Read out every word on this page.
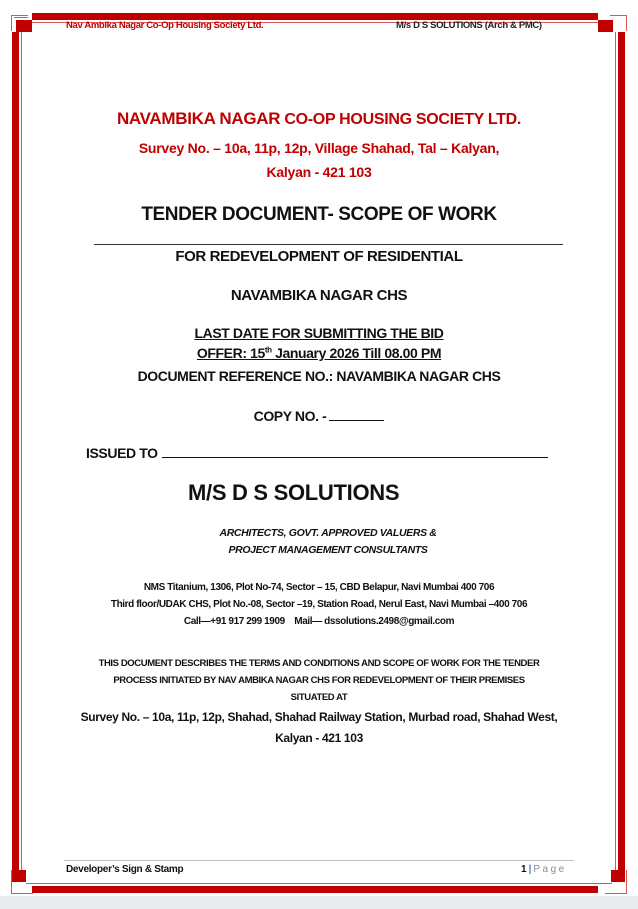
Nav Ambika Nagar Co-Op Housing Society Ltd.	M/s D S SOLUTIONS (Arch & PMC)
NAVAMBIKA NAGAR CO-OP HOUSING SOCIETY LTD.
Survey No. – 10a, 11p, 12p, Village Shahad, Tal – Kalyan,
Kalyan - 421 103
TENDER DOCUMENT- SCOPE OF WORK
FOR REDEVELOPMENT OF RESIDENTIAL
NAVAMBIKA NAGAR CHS
LAST DATE FOR SUBMITTING THE BID
OFFER: 15th January 2026 Till 08.00 PM
DOCUMENT REFERENCE NO.: NAVAMBIKA NAGAR CHS
COPY NO. -
ISSUED TO
M/S D S SOLUTIONS
ARCHITECTS, GOVT. APPROVED VALUERS &
PROJECT MANAGEMENT CONSULTANTS
NMS Titanium, 1306, Plot No-74, Sector – 15, CBD Belapur, Navi Mumbai 400 706
Third floor/UDAK CHS, Plot No.-08, Sector –19, Station Road, Nerul East, Navi Mumbai –400 706
Call—+91 917 299 1909    Mail— dssolutions.2498@gmail.com
THIS DOCUMENT DESCRIBES THE TERMS AND CONDITIONS AND SCOPE OF WORK FOR THE TENDER
PROCESS INITIATED BY NAV AMBIKA NAGAR CHS FOR REDEVELOPMENT OF THEIR PREMISES
SITUATED AT
Survey No. – 10a, 11p, 12p, Shahad, Shahad Railway Station, Murbad road, Shahad West,
Kalyan - 421 103
Developer’s Sign & Stamp	1 | Page
